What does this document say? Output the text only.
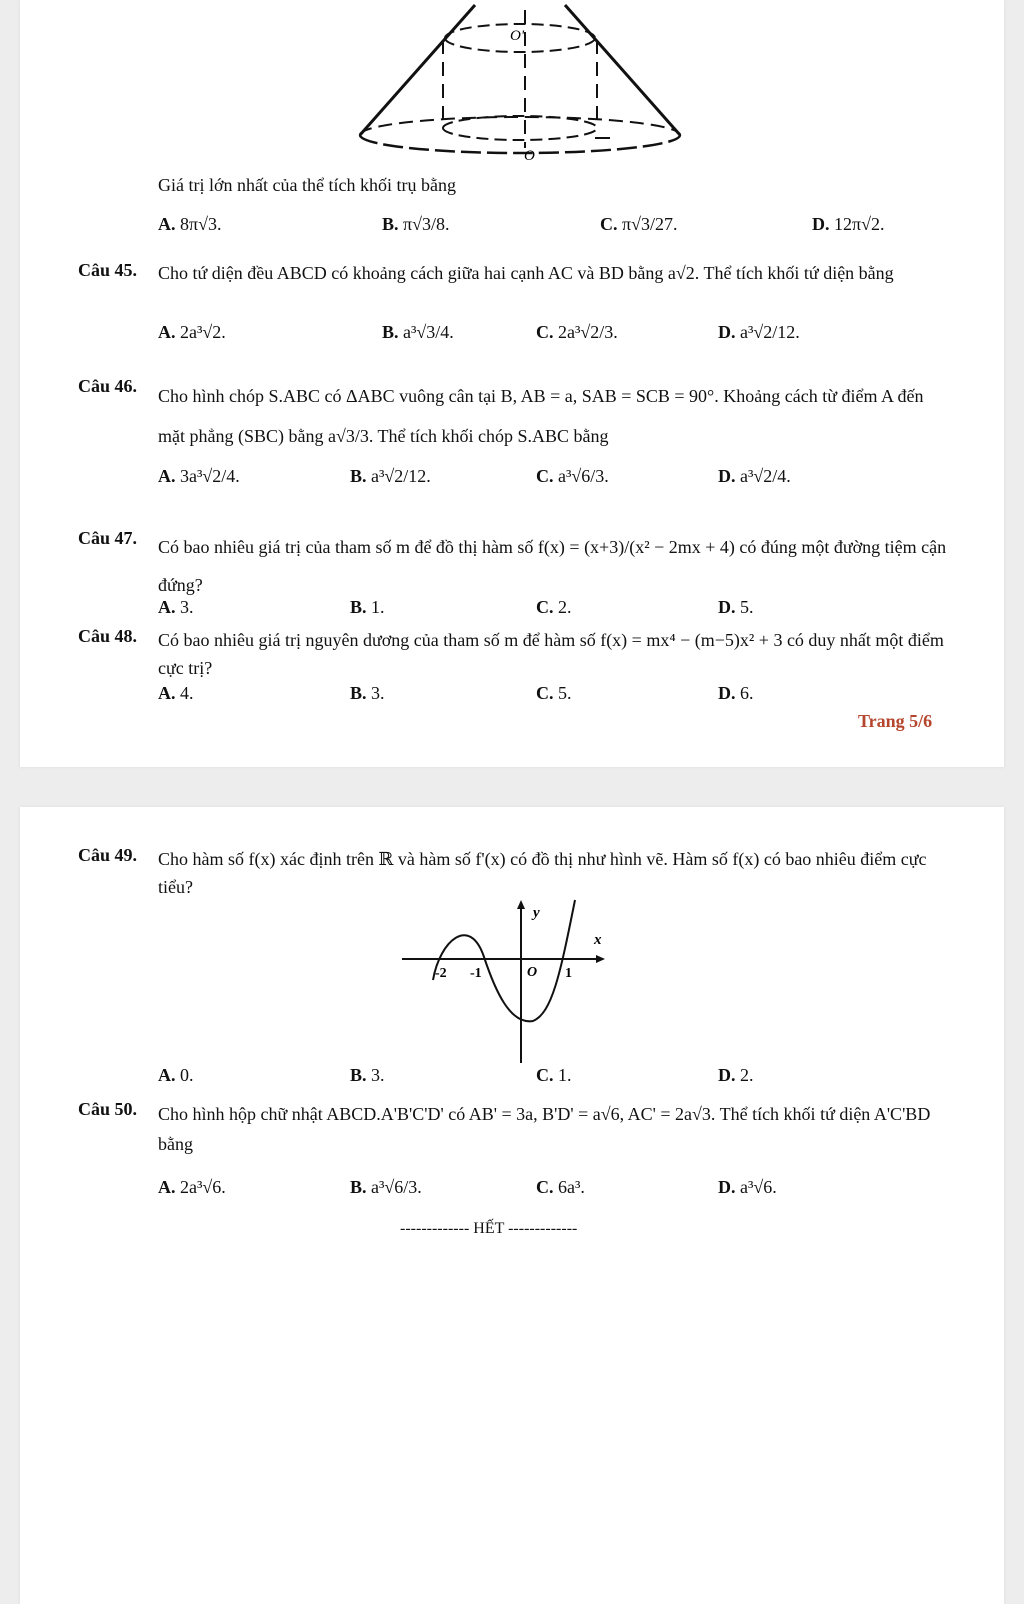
O'
O
Giá trị lớn nhất của thể tích khối trụ bằng
A. 8π√3.	B. π√3/8.	C. π√3/27.	D. 12π√2.
Câu 45. Cho tứ diện đều ABCD có khoảng cách giữa hai cạnh AC và BD bằng a√2. Thể tích khối tứ diện bằng
A. 2a³√2.	B. a³√3/4.	C. 2a³√2/3.	D. a³√2/12.
Câu 46. Cho hình chóp S.ABC có ΔABC vuông cân tại B, AB = a, SAB = SCB = 90°. Khoảng cách từ điểm A đến mặt phẳng (SBC) bằng a√3/3. Thể tích khối chóp S.ABC bằng
A. 3a³√2/4.	B. a³√2/12.	C. a³√6/3.	D. a³√2/4.
Câu 47. Có bao nhiêu giá trị của tham số m để đồ thị hàm số f(x) = (x+3)/(x² − 2mx + 4) có đúng một đường tiệm cận đứng?
A. 3.	B. 1.	C. 2.	D. 5.
Câu 48. Có bao nhiêu giá trị nguyên dương của tham số m để hàm số f(x) = mx⁴ − (m−5)x² + 3 có duy nhất một điểm cực trị?
A. 4.	B. 3.	C. 5.	D. 6.
Trang 5/6
Câu 49. Cho hàm số f(x) xác định trên ℝ và hàm số f'(x) có đồ thị như hình vẽ. Hàm số f(x) có bao nhiêu điểm cực tiểu?
y
x
O
-2 -1	1
A. 0.	B. 3.	C. 1.	D. 2.
Câu 50. Cho hình hộp chữ nhật ABCD.A'B'C'D' có AB' = 3a, B'D' = a√6, AC' = 2a√3. Thể tích khối tứ diện A'C'BD bằng
A. 2a³√6.	B. a³√6/3.	C. 6a³.	D. a³√6.
------------- HẾT -------------
